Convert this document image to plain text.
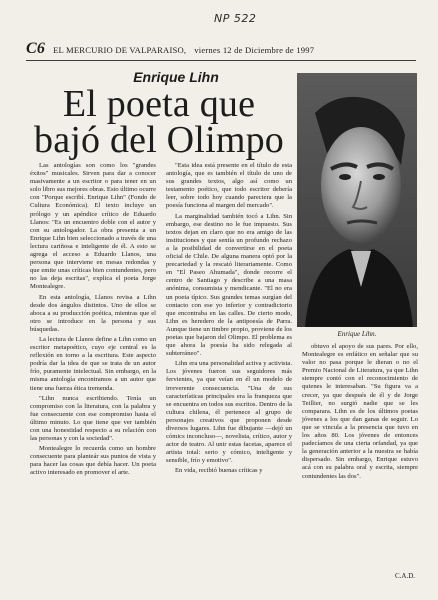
NP 522
C6 EL MERCURIO DE VALPARAISO, viernes 12 de Diciembre de 1997
Enrique Lihn
El poeta que bajó del Olimpo

Las antologías son como los "grandes éxitos" musicales. Sirven para dar a conocer masivamente a un escritor o para tener en un solo libro sus mejores obras. Esto último ocurre con "Porque escribí. Enrique Lihn" (Fondo de Cultura Económica). El texto incluye un prólogo y un apéndice crítico de Eduardo Llanos: "Es un encuentro doble con el autor y con su antologador. La obra presenta a un Enrique Lihn bien seleccionado a través de una lectura cariñosa e inteligente de él. A esto se agrega el acceso a Eduardo Llanos, una persona que interviene en mesas redondas y que emite unas críticas bien contundentes, pero no las deja escritas", explica el poeta Jorge Montealegre.

En esta antología, Llanos revisa a Lihn desde dos ángulos distintos. Uno de ellos se aboca a su producción poética, mientras que el otro se introduce en la persona y sus búsquedas.

La lectura de Llanos define a Lihn como un escritor metapoético, cuyo eje central es la reflexión en torno a la escritura. Este aspecto podría dar la idea de que se trata de un autor frío, puramente intelectual. Sin embargo, en la misma antología encontramos a un autor que tiene una fuerza ética tremenda.

"Lihn nunca escribiendo. Tenía un compromiso con la literatura, con la palabra y fue consecuente con ese compromiso hasta el último minuto. Lo que tiene que ver también con una honestidad respecto a su relación con las personas y con la sociedad".

Montealegre lo recuerda como un hombre consecuente para planteár sus puntos de vista y para hacer las cosas que debía hacer. Un poeta activo interesado en promover el arte.

"Esta idea está presente en el título de esta antología, que es también el título de uno de sus grandes textos, algo así como un testamento poético, que todo escritor debería leer, sobre todo hoy cuando pareciera que la poesía funciona al margen del mercado".

La marginalidad también tocó a Lihn. Sin embargo, ese destino no le fue impuesto. Sus textos dejan en claro que no era amigo de las instituciones y que sentía un profundo rechazo a la posibilidad de convertirse en el poeta oficial de Chile. De alguna manera optó por la precariedad y la rescató literariamente. Como en "El Paseo Ahumada", donde recorre el centro de Santiago y describe a una masa anónima, consumista y mendicante. "El no era un poeta típico. Sus grandes temas surgían del contacto con ese yo inferior y contradictorio que encontraba en las calles. De cierto modo, Lihn es heredero de la antipoesía de Parra. Aunque tiene un timbre propio, proviene de los poetas que bajaron del Olimpo. El problema es que ahora la poesía ha sido relegada al subterráneo".

Lihn era una personalidad activa y activista. Los jóvenes fueron sus seguidores más fervientes, ya que veían en él un modelo de irreverente consecuencia. "Una de sus características principales era la franqueza que se encuentra en todos sus escritos. Dentro de la cultura chilena, él pertenece al grupo de personajes creativos que proponen desde diversos lugares. Lihn fue dibujante —dejó un cómics inconcluso—, novelista, crítico, autor y actor de teatro. Al unir estas facetas, aparece el artista total: serio y cómico, inteligente y sensible, frío y emotivo".

En vida, recibió buenas críticas y

Enrique Lihn.

obtuvo el apoyo de sus pares. Por ello, Montealegre es enfático en señalar que su valor no pasa porque le dieran o no el Premio Nacional de Literatura, ya que Lihn siempre contó con el reconocimiento de quienes le interesaban. "Su figura va a crecer, ya que después de él y de Jorge Teillier, no surgió nadie que se les comparara. Lihn es de los últimos poetas jóvenes a los que dan ganas de seguir. Lo que se vincula a la presencia que tuvo en los años 80. Los jóvenes de entonces padecíamos de una cierta orfandad, ya que la generación anterior a la nuestra se había dispersado. Sin embargo, Enrique estuvo acá con su palabra oral y escrita, siempre contundentes las dos".

C.A.D.
